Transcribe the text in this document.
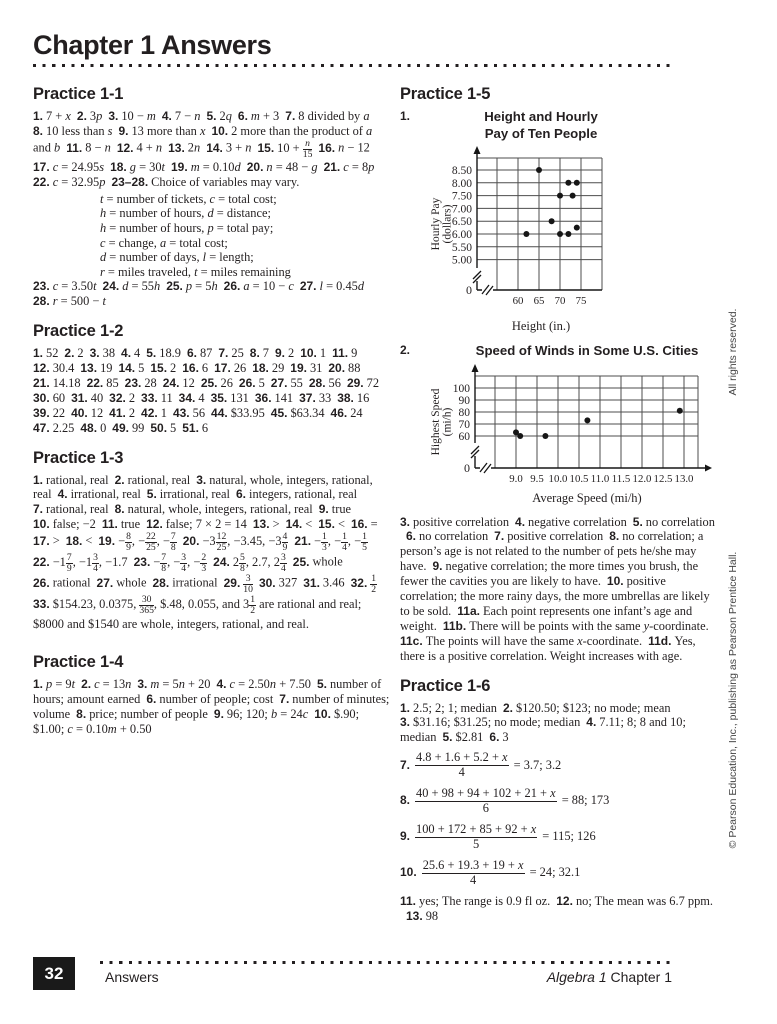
Chapter 1 Answers
Practice 1-1

1. 7 + x 2. 3p 3. 10 − m 4. 7 − n 5. 2q 6. m + 3 7. 8 divided by a8. 10 less than s 9. 13 more than x 10. 2 more than the product of a and b 11. 8 − n 12. 4 + n 13. 2n 14. 3 + n 15. $10 + \frac{n}{15} 16$. n − 1217. c = 24.95s 18. g = 30t 19. m = 0.10d 20. n = 48 − g 21. c = 8p22. c = 32.95p 23–28. Choice of variables may vary.

t = number of tickets, c = total cost;
h = number of hours, d = distance;
h = number of hours, p = total pay;
c = change, a = total cost;
d = number of days, l = length;
r = miles traveled, t = miles remaining

23. c = 3.50t 24. d = 55h 25. p = 5h 26. a = 10 − c 27. l = 0.45d28. r = 500 − t

Practice 1-2

1. 52 2. 2 3. 38 4. 4 5. 18.9 6. 87 7. 25 8. 7 9. 2 10. 1 11. 912. 30.4 13. 19 14. 5 15. 2 16. 6 17. 26 18. 29 19. 31 20. 8821. 14.18 22. 85 23. 28 24. 12 25. 26 26. 5 27. 55 28. 56 29. 7230. 60 31. 40 32. 2 33. 11 34. 4 35. 131 36. 141 37. 33 38. 1639. 22 40. 12 41. 2 42. 1 43. 56 44. $33.95 45. $63.34 46. 2447. 2.25 48. 0 49. 99 50. 5 51. 6

Practice 1-3

1. rational, real 2. rational, real 3. natural, whole, integers, rational, real 4. irrational, real 5. irrational, real 6. integers, rational, real7. rational, real 8. natural, whole, integers, rational, real 9. true10. false; −2 11. true 12. false; 7 × 2 = 14 13. > 14. < 15. < 16. =17. > 18. < 19. − $\frac{8}{9}$ , − $\frac{22}{25}$ , − $\frac{7}{8} 20$. $-3 \frac{12}{25}$ , −3.45, $-3 \frac{4}{9} 21$. − $\frac{1}{3}$ , − $\frac{1}{4}$ , − $\frac{1}{5}$
22. $-1 \frac{7}{9}$ , $-1 \frac{3}{4}$ , −1.7 23. − $\frac{7}{8}$ , − $\frac{3}{4}$ , − $\frac{2}{3} 24$. $2 \frac{5}{8}$ , 2.7, $2 \frac{3}{4} 25$. whole26. rational 27. whole 28. irrational 29. $\frac{3}{10} 30$. 327 31. 3.46 32. $\frac{1}{2}$
33. $154.23, 0.0375, $\frac{30}{365}$ , $.48, 0.055, and $3 \frac{1}{2}$ are rational and real; $8000 and $1540 are whole, integers, rational, and real.

Practice 1-4

1. p = 9t 2. c = 13n 3. m = 5n + 20 4. c = 2.50n + 7.50 5. number of hours; amount earned 6. number of people; cost 7. number of minutes; volume 8. price; number of people 9. 96; 120; b = 24c 10. $.90; $1.00; c = 0.10m + 0.50

Practice 1-5
1.	Height and Hourly
Pay of Ten People
8.50
8.00
7.50
7.00
6.50
6.00
5.50
5.00
0
60 65 70 75
Hourly Pay (dollars)
Height (in.)
2.	Speed of Winds in Some U.S. Cities
100
90
80
70
60
0
9.0 9.5 10.0 10.5 11.0 11.5 12.0 12.5 13.0
Highest Speed (mi/h)
Average Speed (mi/h)

3. positive correlation 4. negative correlation 5. no correlation6. no correlation 7. positive correlation 8. no correlation; a person’s age is not related to the number of pets he/she may have. 9. negative correlation; the more times you brush, the fewer the cavities you are likely to have. 10. positive correlation; the more rainy days, the more umbrellas are likely to be sold. 11a. Each point represents one infant’s age and weight. 11b. There will be points with the same y-coordinate.11c. The points will have the same x-coordinate. 11d. Yes, there is a positive correlation. Weight increases with age.

Practice 1-6

1. 2.5; 2; 1; median 2. $120.50; $123; no mode; mean3. $31.16; $31.25; no mode; median 4. 7.11; 8; 8 and 10; median 5. $2.81 6. 3

7. $\frac{4.8 + 1.6 + 5.2 + x}{4} = 3.7$; 3.2
8. $\frac{40 + 98 + 94 + 102 + 21 + x}{6} = 88$; 173
9. $\frac{100 + 172 + 85 + 92 + x}{5} = 115$; 126
10. $\frac{25.6 + 19.3 + 19 + x}{4} = 24$; 32.1

11. yes; The range is 0.9 fl oz. 12. no; The mean was 6.7 ppm.13. 98

All rights reserved.
© Pearson Education, Inc., publishing as Pearson Prentice Hall.
32	Answers	Algebra 1 Chapter 1
